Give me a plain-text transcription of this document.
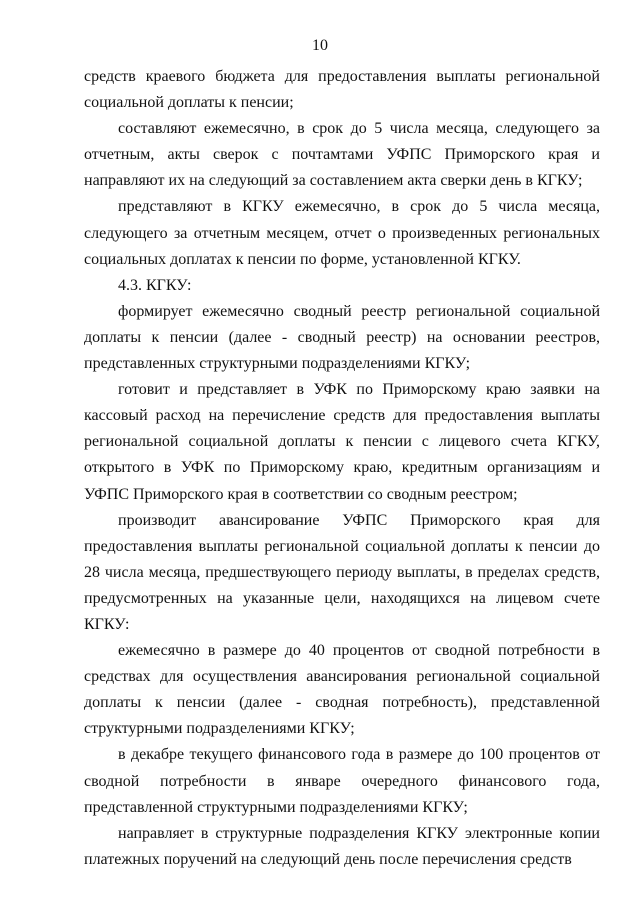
10

средств краевого бюджета для предоставления выплаты региональной социальной доплаты к пенсии;

составляют ежемесячно, в срок до 5 числа месяца, следующего за отчетным, акты сверок с почтамтами УФПС Приморского края и направляют их на следующий за составлением акта сверки день в КГКУ;

представляют в КГКУ ежемесячно, в срок до 5 числа месяца, следующего за отчетным месяцем, отчет о произведенных региональных социальных доплатах к пенсии по форме, установленной КГКУ.

4.3. КГКУ:

формирует ежемесячно сводный реестр региональной социальной доплаты к пенсии (далее - сводный реестр) на основании реестров, представленных структурными подразделениями КГКУ;

готовит и представляет в УФК по Приморскому краю заявки на кассовый расход на перечисление средств для предоставления выплаты региональной социальной доплаты к пенсии с лицевого счета КГКУ, открытого в УФК по Приморскому краю, кредитным организациям и УФПС Приморского края в соответствии со сводным реестром;

производит авансирование УФПС Приморского края для предоставления выплаты региональной социальной доплаты к пенсии до 28 числа месяца, предшествующего периоду выплаты, в пределах средств, предусмотренных на указанные цели, находящихся на лицевом счете КГКУ:

ежемесячно в размере до 40 процентов от сводной потребности в средствах для осуществления авансирования региональной социальной доплаты к пенсии (далее - сводная потребность), представленной структурными подразделениями КГКУ;

в декабре текущего финансового года в размере до 100 процентов от сводной потребности в январе очередного финансового года, представленной структурными подразделениями КГКУ;

направляет в структурные подразделения КГКУ электронные копии платежных поручений на следующий день после перечисления средств
